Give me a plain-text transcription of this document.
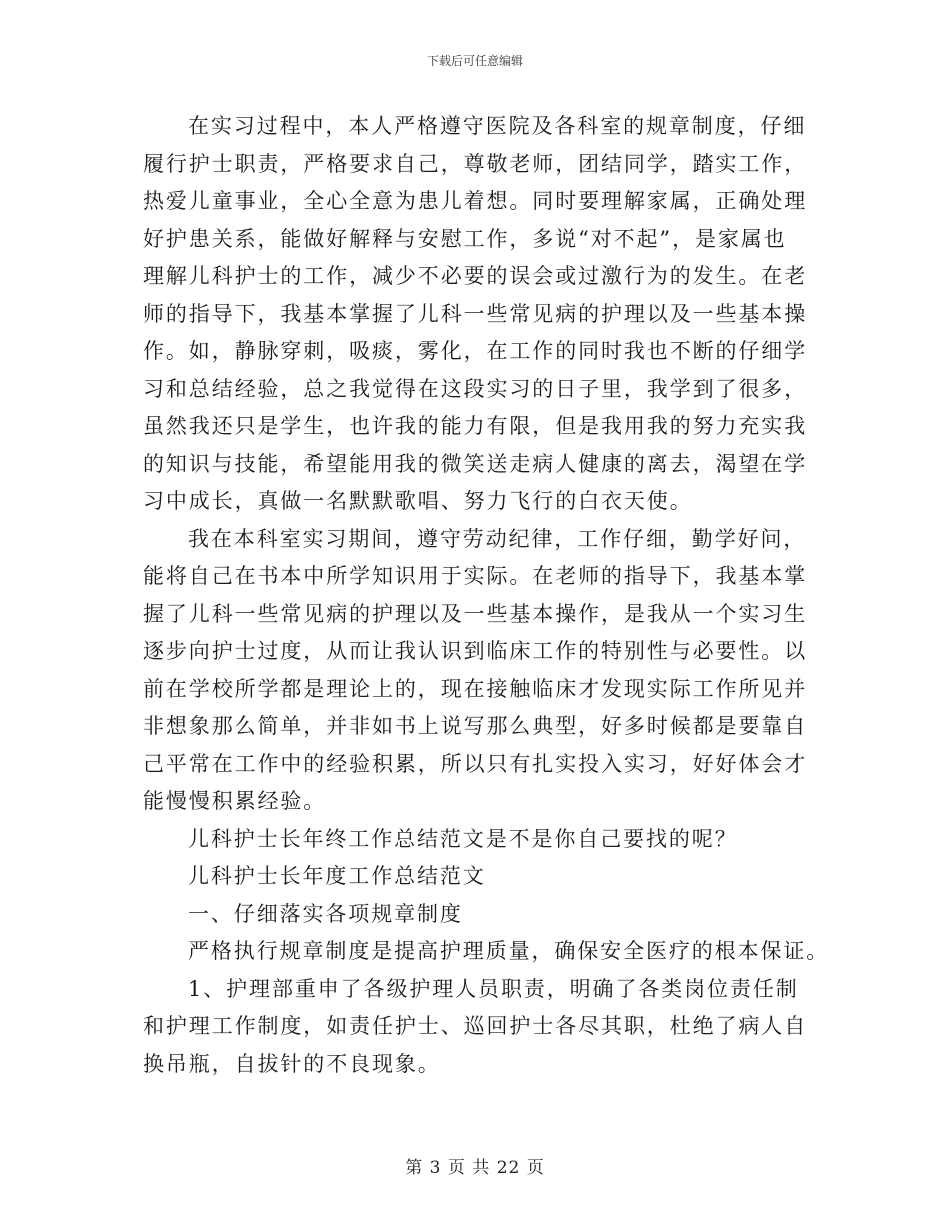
下载后可任意编辑

在实习过程中，本人严格遵守医院及各科室的规章制度，仔细履行护士职责，严格要求自己，尊敬老师，团结同学，踏实工作，热爱儿童事业，全心全意为患儿着想。同时要理解家属，正确处理好护患关系，能做好解释与安慰工作，多说“对不起”，是家属也理解儿科护士的工作，减少不必要的误会或过激行为的发生。在老师的指导下，我基本掌握了儿科一些常见病的护理以及一些基本操作。如，静脉穿刺，吸痰，雾化，在工作的同时我也不断的仔细学习和总结经验，总之我觉得在这段实习的日子里，我学到了很多，虽然我还只是学生，也许我的能力有限，但是我用我的努力充实我的知识与技能，希望能用我的微笑送走病人健康的离去，渴望在学习中成长，真做一名默默歌唱、努力飞行的白衣天使。

我在本科室实习期间，遵守劳动纪律，工作仔细，勤学好问，能将自己在书本中所学知识用于实际。在老师的指导下，我基本掌握了儿科一些常见病的护理以及一些基本操作，是我从一个实习生逐步向护士过度，从而让我认识到临床工作的特别性与必要性。以前在学校所学都是理论上的，现在接触临床才发现实际工作所见并非想象那么简单，并非如书上说写那么典型，好多时候都是要靠自己平常在工作中的经验积累，所以只有扎实投入实习，好好体会才能慢慢积累经验。

儿科护士长年终工作总结范文是不是你自己要找的呢？

儿科护士长年度工作总结范文

一、仔细落实各项规章制度

严格执行规章制度是提高护理质量，确保安全医疗的根本保证。

1、护理部重申了各级护理人员职责，明确了各类岗位责任制和护理工作制度，如责任护士、巡回护士各尽其职，杜绝了病人自换吊瓶，自拔针的不良现象。

第 3 页 共 22 页
